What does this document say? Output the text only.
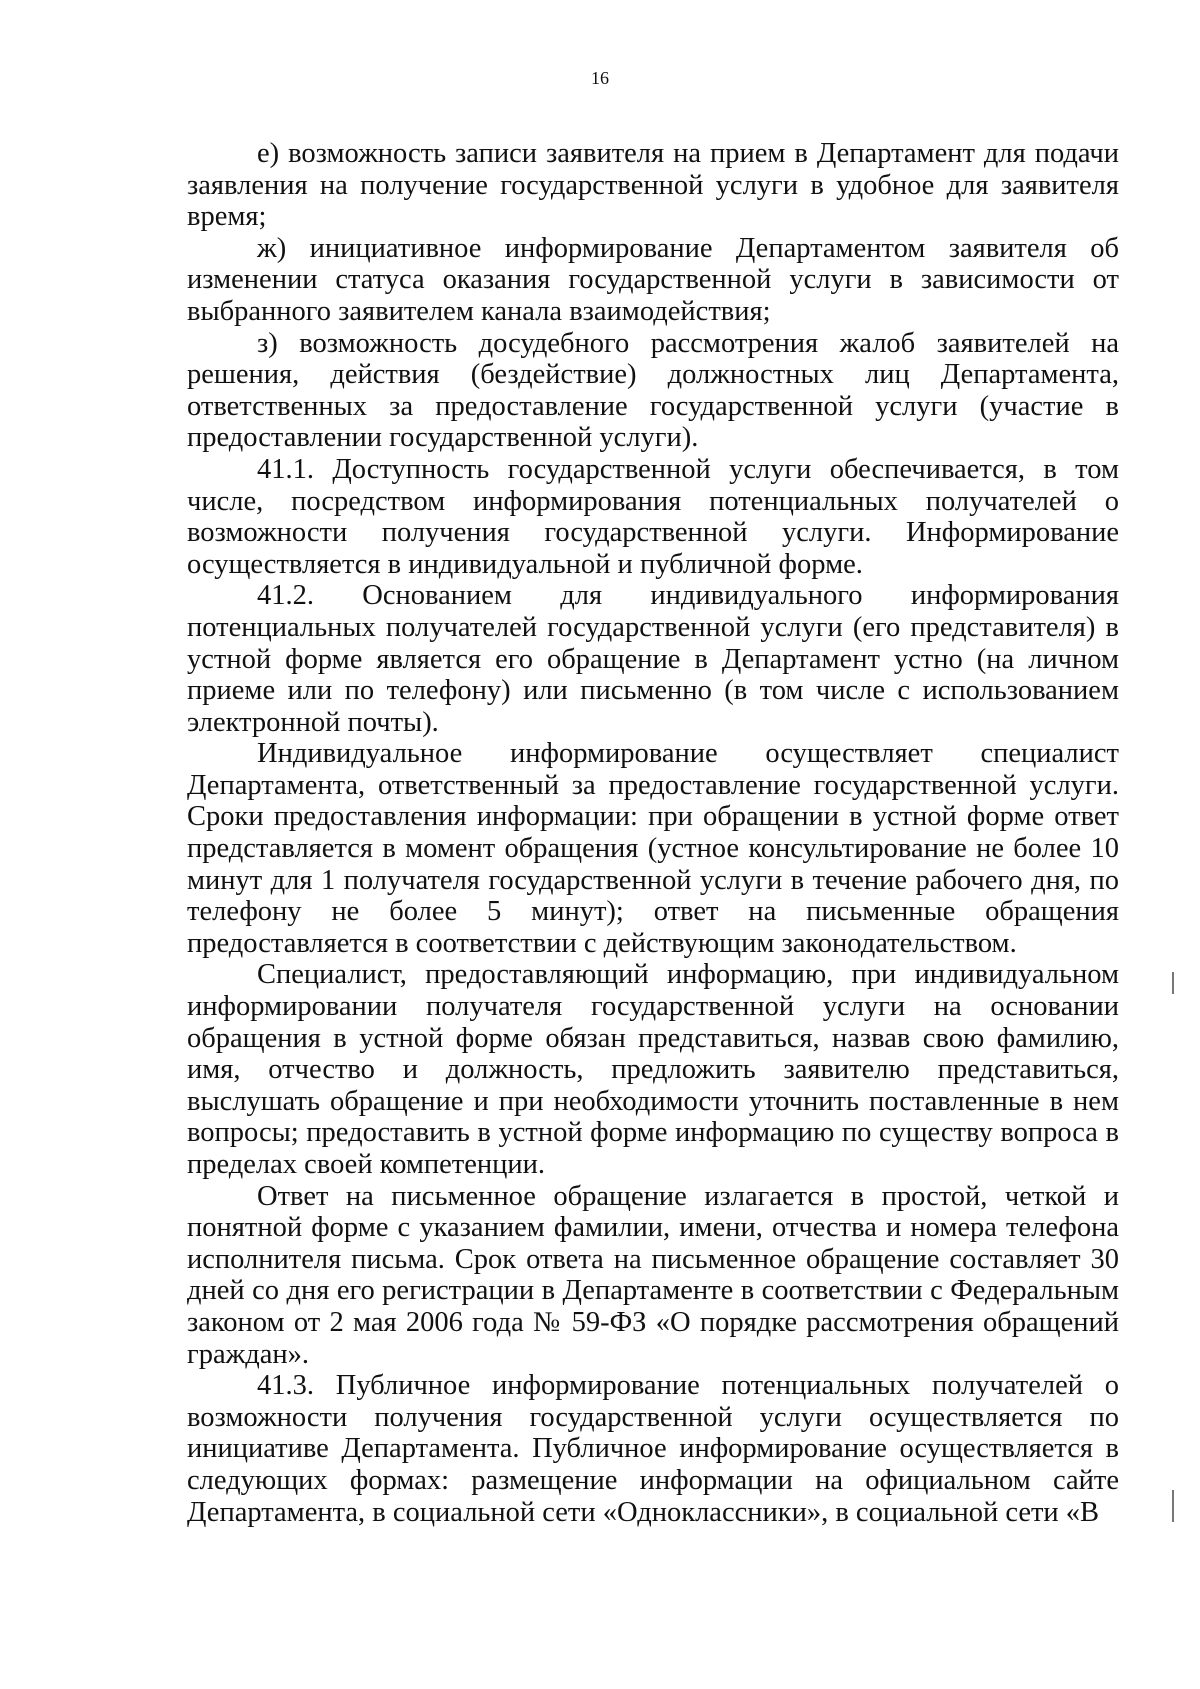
16

е) возможность записи заявителя на прием в Департамент для подачи заявления на получение государственной услуги в удобное для заявителя время;

ж) инициативное информирование Департаментом заявителя об изменении статуса оказания государственной услуги в зависимости от выбранного заявителем канала взаимодействия;

з) возможность досудебного рассмотрения жалоб заявителей на решения, действия (бездействие) должностных лиц Департамента, ответственных за предоставление государственной услуги (участие в предоставлении государственной услуги).

41.1. Доступность государственной услуги обеспечивается, в том числе, посредством информирования потенциальных получателей о возможности получения государственной услуги. Информирование осуществляется в индивидуальной и публичной форме.

41.2. Основанием для индивидуального информирования потенциальных получателей государственной услуги (его представителя) в устной форме является его обращение в Департамент устно (на личном приеме или по телефону) или письменно (в том числе с использованием электронной почты).

Индивидуальное информирование осуществляет специалист Департамента, ответственный за предоставление государственной услуги. Сроки предоставления информации: при обращении в устной форме ответ представляется в момент обращения (устное консультирование не более 10 минут для 1 получателя государственной услуги в течение рабочего дня, по телефону не более 5 минут); ответ на письменные обращения предоставляется в соответствии с действующим законодательством.

Специалист, предоставляющий информацию, при индивидуальном информировании получателя государственной услуги на основании обращения в устной форме обязан представиться, назвав свою фамилию, имя, отчество и должность, предложить заявителю представиться, выслушать обращение и при необходимости уточнить поставленные в нем вопросы; предоставить в устной форме информацию по существу вопроса в пределах своей компетенции.

Ответ на письменное обращение излагается в простой, четкой и понятной форме с указанием фамилии, имени, отчества и номера телефона исполнителя письма. Срок ответа на письменное обращение составляет 30 дней со дня его регистрации в Департаменте в соответствии с Федеральным законом от 2 мая 2006 года № 59-ФЗ «О порядке рассмотрения обращений граждан».

41.3. Публичное информирование потенциальных получателей о возможности получения государственной услуги осуществляется по инициативе Департамента. Публичное информирование осуществляется в следующих формах: размещение информации на официальном сайте Департамента, в социальной сети «Одноклассники», в социальной сети «В
